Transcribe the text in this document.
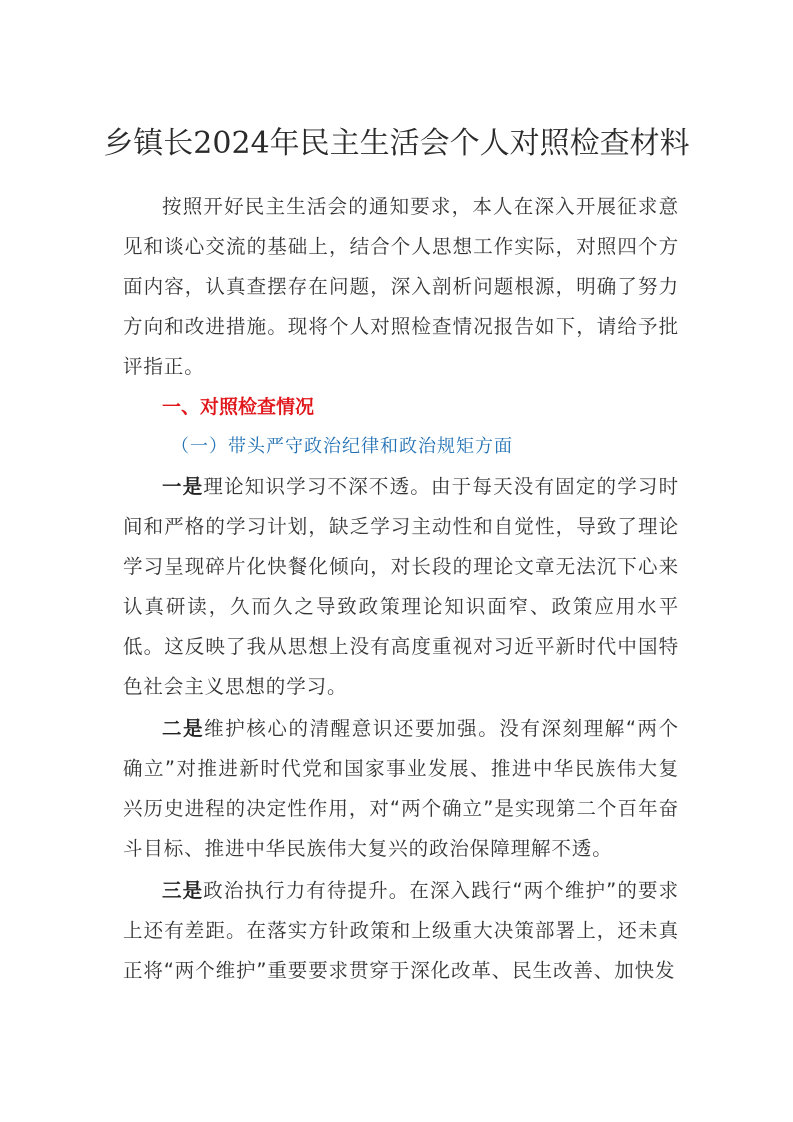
乡镇长2024年民主生活会个人对照检查材料

按照开好民主生活会的通知要求，本人在深入开展征求意见和谈心交流的基础上，结合个人思想工作实际，对照四个方面内容，认真查摆存在问题，深入剖析问题根源，明确了努力方向和改进措施。现将个人对照检查情况报告如下，请给予批评指正。

一、对照检查情况
（一）带头严守政治纪律和政治规矩方面

一是理论知识学习不深不透。由于每天没有固定的学习时间和严格的学习计划，缺乏学习主动性和自觉性，导致了理论学习呈现碎片化快餐化倾向，对长段的理论文章无法沉下心来认真研读，久而久之导致政策理论知识面窄、政策应用水平低。这反映了我从思想上没有高度重视对习近平新时代中国特色社会主义思想的学习。

二是维护核心的清醒意识还要加强。没有深刻理解“两个确立”对推进新时代党和国家事业发展、推进中华民族伟大复兴历史进程的决定性作用，对“两个确立”是实现第二个百年奋斗目标、推进中华民族伟大复兴的政治保障理解不透。

三是政治执行力有待提升。在深入践行“两个维护”的要求上还有差距。在落实方针政策和上级重大决策部署上，还未真正将“两个维护”重要要求贯穿于深化改革、民生改善、加快发
